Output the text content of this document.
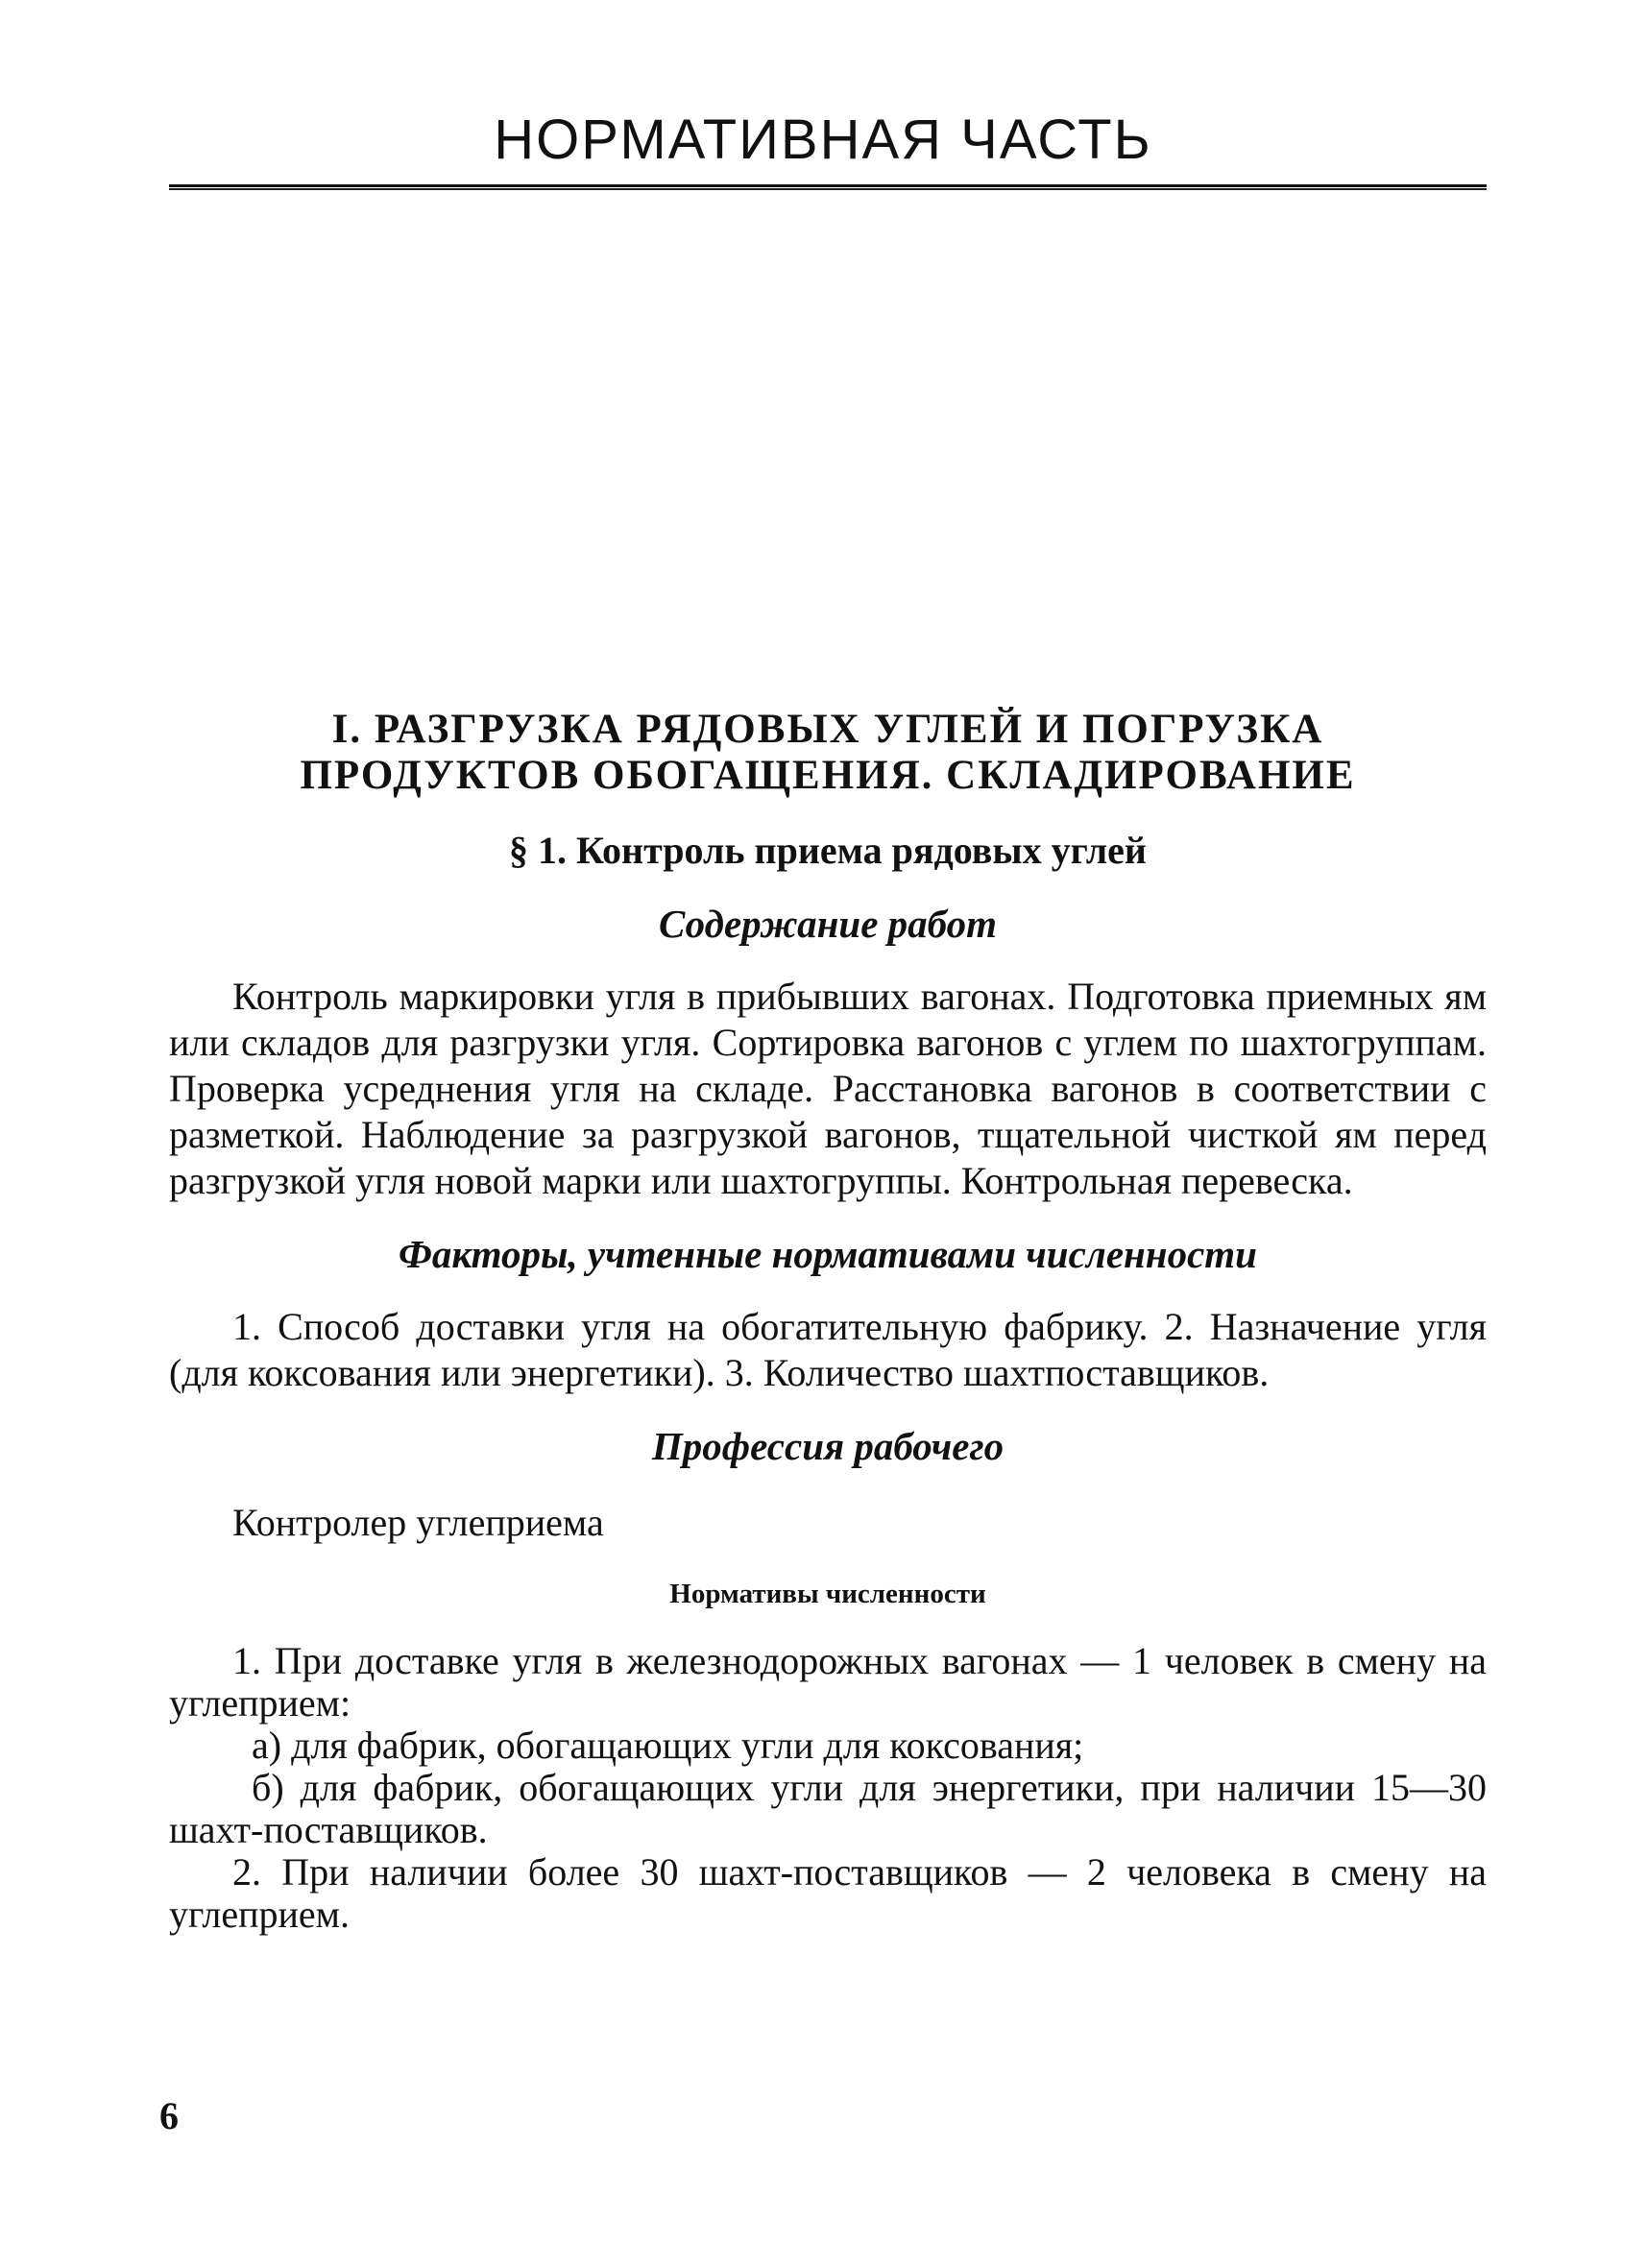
НОРМАТИВНАЯ ЧАСТЬ
I. РАЗГРУЗКА РЯДОВЫХ УГЛЕЙ И ПОГРУЗКА
ПРОДУКТОВ ОБОГАЩЕНИЯ. СКЛАДИРОВАНИЕ
§ 1. Контроль приема рядовых углей
Содержание работ

Контроль маркировки угля в прибывших вагонах. Подготовка приемных ям или складов для разгрузки угля. Сортировка вагонов с углем по шахтогруппам. Проверка усреднения угля на складе. Расстановка вагонов в соответствии с разметкой. Наблюдение за разгрузкой вагонов, тщательной чисткой ям перед разгрузкой угля новой марки или шахтогруппы. Контрольная перевеска.

Факторы, учтенные нормативами численности

1. Способ доставки угля на обогатительную фабрику. 2. Назначение угля (для коксования или энергетики). 3. Количество шахтпоставщиков.

Профессия рабочего

Контролер углеприема

Нормативы численности

1. При доставке угля в железнодорожных вагонах — 1 человек в смену на углеприем:

а) для фабрик, обогащающих угли для коксования;

б) для фабрик, обогащающих угли для энергетики, при наличии 15—30 шахт-поставщиков.

2. При наличии более 30 шахт-поставщиков — 2 человека в смену на углеприем.

6
